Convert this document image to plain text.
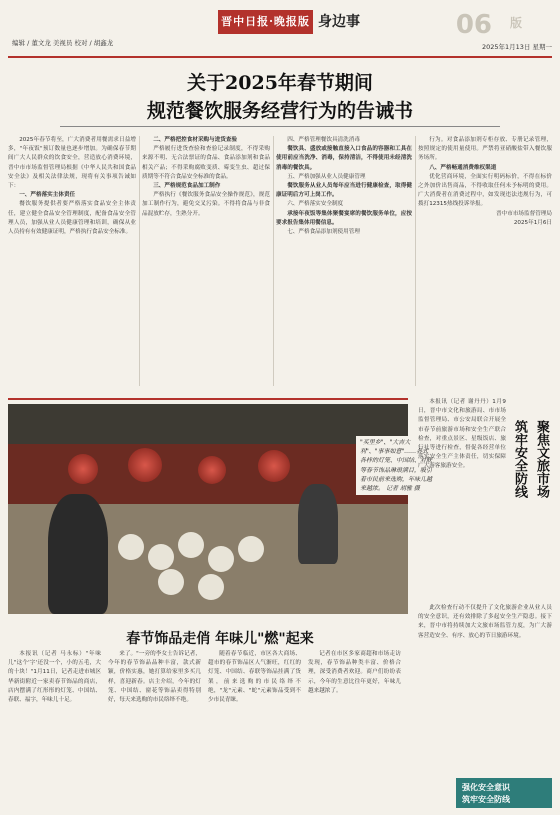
编辑 / 董文龙 美视员 校对 / 胡鑫龙
晋中日报·晚报版 身边事	06 版
2025年1月13日 星期一
关于2025年春节期间
规范餐饮服务经营行为的告诫书

2025年春节将至，广大消费者用餐需求日益增多，"年夜饭"预订数量也逐步增加。为确保春节期间广大人民群众的饮食安全，营造放心消费环境，晋中市市场监督管理局根据《中华人民共和国食品安全法》及相关法律法规，现将有关事项告诫如下：

一、严格落实主体责任

餐饮服务提供者要严格落实食品安全主体责任，建立健全食品安全管理制度，配备食品安全管理人员，加强从业人员健康管理和培训，确保从业人员持有有效健康证明，严格执行食品安全标准。

二、严格把控食材采购与进货查验

严格履行进货查验和查验记录制度，不得采购来源不明、无合法票证的食品、食品添加剂和食品相关产品；不得采购腐败变质、霉变生虫、超过保质期等不符合食品安全标准的食品。

三、严格规范食品加工制作

严格执行《餐饮服务食品安全操作规范》，规范加工制作行为，避免交叉污染。不得将食品与非食品混放贮存，生熟分开。

四、严格管理餐饮具清洗消毒

餐饮具、盛放或接触直接入口食品的容器和工具在使用前应当洗净、消毒，保持清洁，不得使用未经清洗消毒的餐饮具。

五、严格加强从业人员健康管理

餐饮服务从业人员每年应当进行健康检查，取得健康证明后方可上岗工作。

六、严格落实安全制度

承接年夜饭等集体聚餐宴席的餐饮服务单位，应按要求报告集体用餐信息。

七、严格食品添加剂使用管理

行为。对食品添加剂专柜存放、专册记录管理，按照规定的使用量使用。严禁将亚硝酸盐带入餐饮服务场所。

八、严格畅通消费维权渠道

优化营商环境，全面实行明码标价，不得在标价之外加价出售商品，不得收取任何未予标明的费用。广大消费者在消费过程中，如发现违法违规行为，可拨打12315热线投诉举报。

晋中市市场监督管理局

2025年1月6日

"买里乡"、"大吉大利"、"事事如意"……各式各样的灯笼、中国结、对联等春节饰品琳琅满目，吸引着市民前来选购，年味儿越来越浓。 记者 胡雅 摄
春节饰品走俏 年味儿"燃"起来

本报讯（记者 马永标）"年味儿"这个'字'还没一个，小的五毛，大的十块！"1月11日，记者走进市城区华新街附近一家卖春节饰品的商店，店内摆满了红彤彤的灯笼、中国结、春联、福字，年味儿十足。

来了。"一旁的李女士告诉记者，今年的春节饰品品种丰富，款式新颖，价格实惠，她打算给家里多买几样，喜迎新春。店主介绍，今年的灯笼、中国结、窗花等饰品卖得特别好，每天来选购的市民络绎不绝。

随着春节临近，市区各大商场、超市的春节饰品区人气渐旺，红红的灯笼、中国结、春联等饰品挂满了货架，前来选购的市民络绎不绝，"龙"元素、"蛇"元素饰品受到不少市民青睐。

记者在市区多家商超和市场走访发现，春节饰品种类丰富、价格合理，深受消费者欢迎。商户们纷纷表示，今年的生意比往年更好，年味儿越来越浓了。

聚焦文旅市场
筑牢安全防线

本报讯（记者 谢丹丹）1月9日，晋中市文化和旅游局、市市场监督管理局、市公安局联合开展全市春节前旅游市场和安全生产联合检查，对重点景区、星级饭店、旅行社等进行检查，督促各经营单位落实安全生产主体责任，切实保障广大游客旅游安全。

此次检查行动不仅提升了文化旅游企业从业人员的安全意识，还有效排除了多起安全生产隐患。接下来，晋中市将持续加大文旅市场监管力度，为广大游客营造安全、有序、放心的节日旅游环境。

强化安全意识
筑牢安全防线
